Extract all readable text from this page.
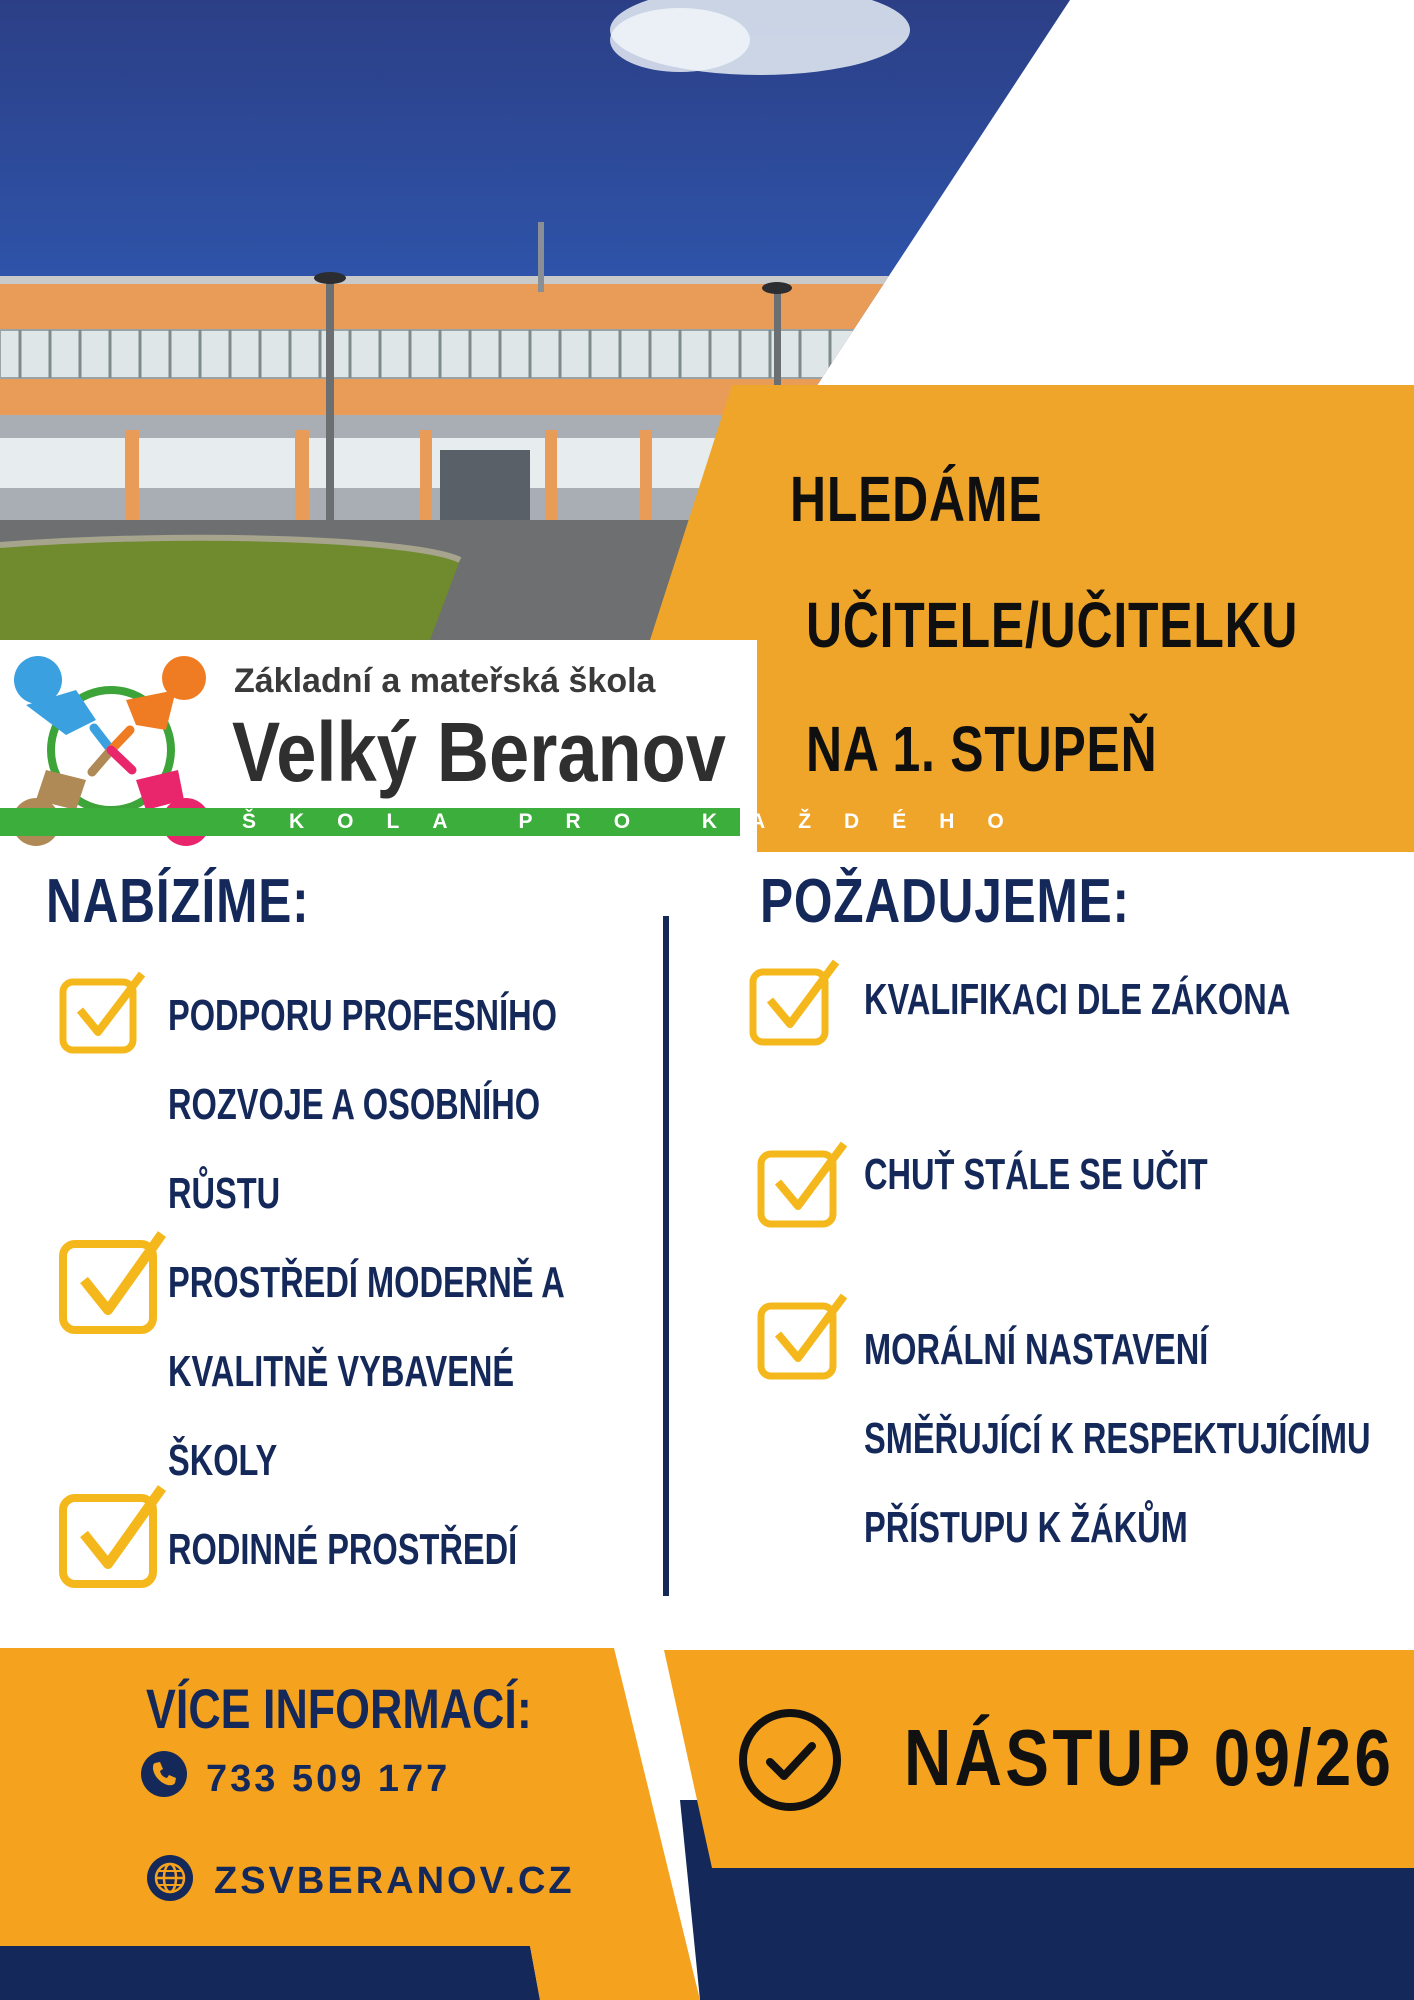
HLEDÁME
UČITELE/UČITELKU
NA 1. STUPEŇ
Základní a mateřská škola
Velký Beranov
ŠKOLA PRO KAŽDÉHO
NABÍZÍME:
PODPORU PROFESNÍHO
ROZVOJE A OSOBNÍHO
RŮSTU
PROSTŘEDÍ MODERNĚ A
KVALITNĚ VYBAVENÉ
ŠKOLY
RODINNÉ PROSTŘEDÍ
POŽADUJEME:
KVALIFIKACI DLE ZÁKONA
CHUŤ STÁLE SE UČIT
MORÁLNÍ NASTAVENÍ
SMĚŘUJÍCÍ K RESPEKTUJÍCÍMU
PŘÍSTUPU K ŽÁKŮM
VÍCE INFORMACÍ:
733 509 177
ZSVBERANOV.CZ
NÁSTUP 09/26
